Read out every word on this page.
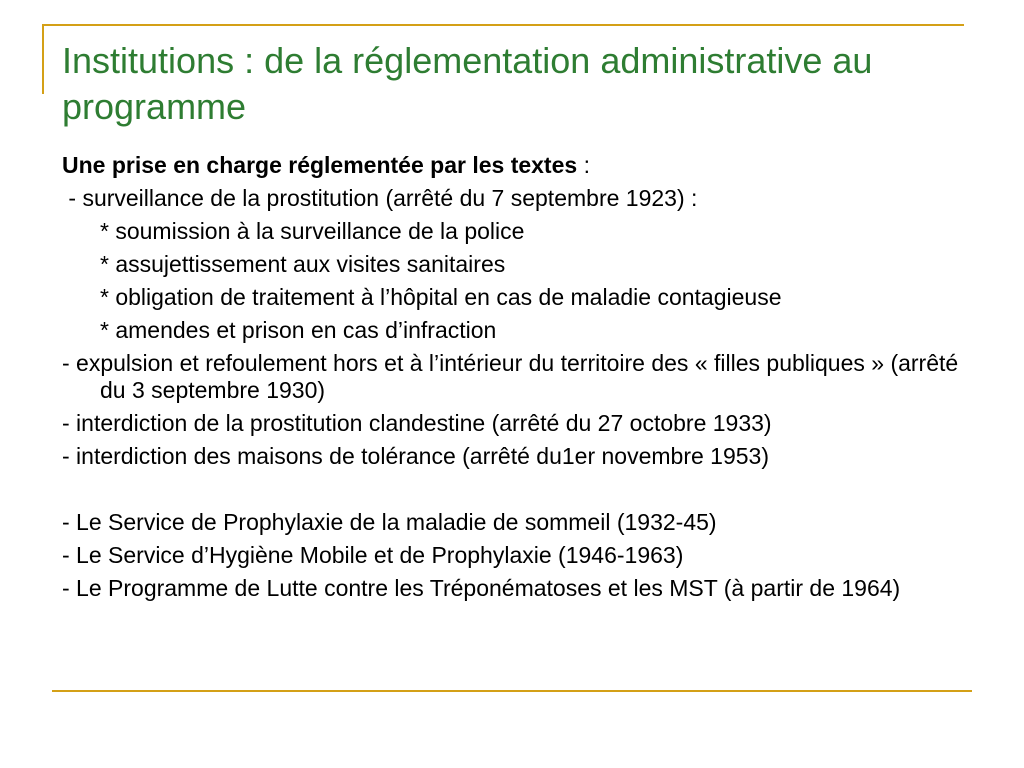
Institutions : de la réglementation administrative au programme

Une prise en charge réglementée par les textes :

- surveillance de la prostitution (arrêté du 7 septembre 1923) :

* soumission à la surveillance de la police

* assujettissement aux visites sanitaires

* obligation de traitement à l’hôpital en cas de maladie contagieuse

* amendes et prison en cas d’infraction

- expulsion et refoulement hors et à l’intérieur du territoire des « filles publiques » (arrêté du 3 septembre 1930)

- interdiction de la prostitution clandestine (arrêté du 27 octobre 1933)

- interdiction des maisons de tolérance (arrêté du1er novembre 1953)

- Le Service de Prophylaxie de la maladie de sommeil (1932-45)

- Le Service d’Hygiène Mobile et de Prophylaxie (1946-1963)

- Le Programme de Lutte contre les Tréponématoses et les MST (à partir de 1964)
